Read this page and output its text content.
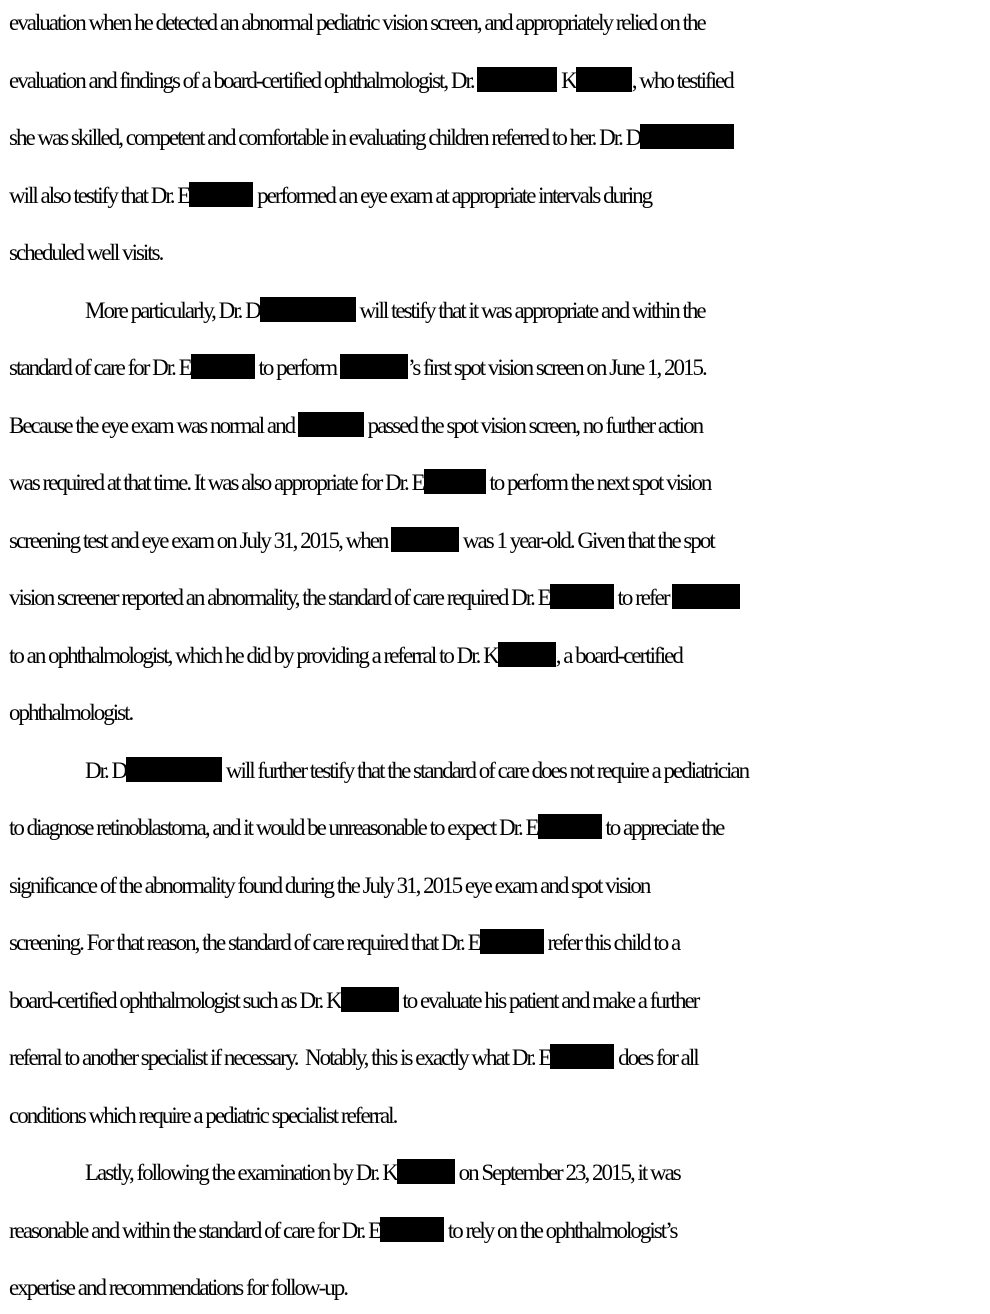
evaluation when he detected an abnormal pediatric vision screen, and appropriately relied on the
evaluation and findings of a board-certified ophthalmologist, Dr.	K , who testified
she was skilled, competent and comfortable in evaluating children referred to her. Dr. D
will also testify that Dr. E	performed an eye exam at appropriate intervals during
scheduled well visits.
More particularly, Dr. D	will testify that it was appropriate and within the
standard of care for Dr. E	to perform	’s first spot vision screen on June 1, 2015.
Because the eye exam was normal and	passed the spot vision screen, no further action
was required at that time. It was also appropriate for Dr. E	to perform the next spot vision
screening test and eye exam on July 31, 2015, when	was 1 year-old. Given that the spot
vision screener reported an abnormality, the standard of care required Dr. E	to refer
to an ophthalmologist, which he did by providing a referral to Dr. K	, a board-certified
ophthalmologist.
Dr. D	will further testify that the standard of care does not require a pediatrician
to diagnose retinoblastoma, and it would be unreasonable to expect Dr. E	to appreciate the
significance of the abnormality found during the July 31, 2015 eye exam and spot vision
screening. For that reason, the standard of care required that Dr. E	refer this child to a
board-certified ophthalmologist such as Dr. K	to evaluate his patient and make a further
referral to another specialist if necessary.  Notably, this is exactly what Dr. E	does for all
conditions which require a pediatric specialist referral.
Lastly, following the examination by Dr. K	on September 23, 2015, it was
reasonable and within the standard of care for Dr. E	to rely on the ophthalmologist’s
expertise and recommendations for follow-up.
